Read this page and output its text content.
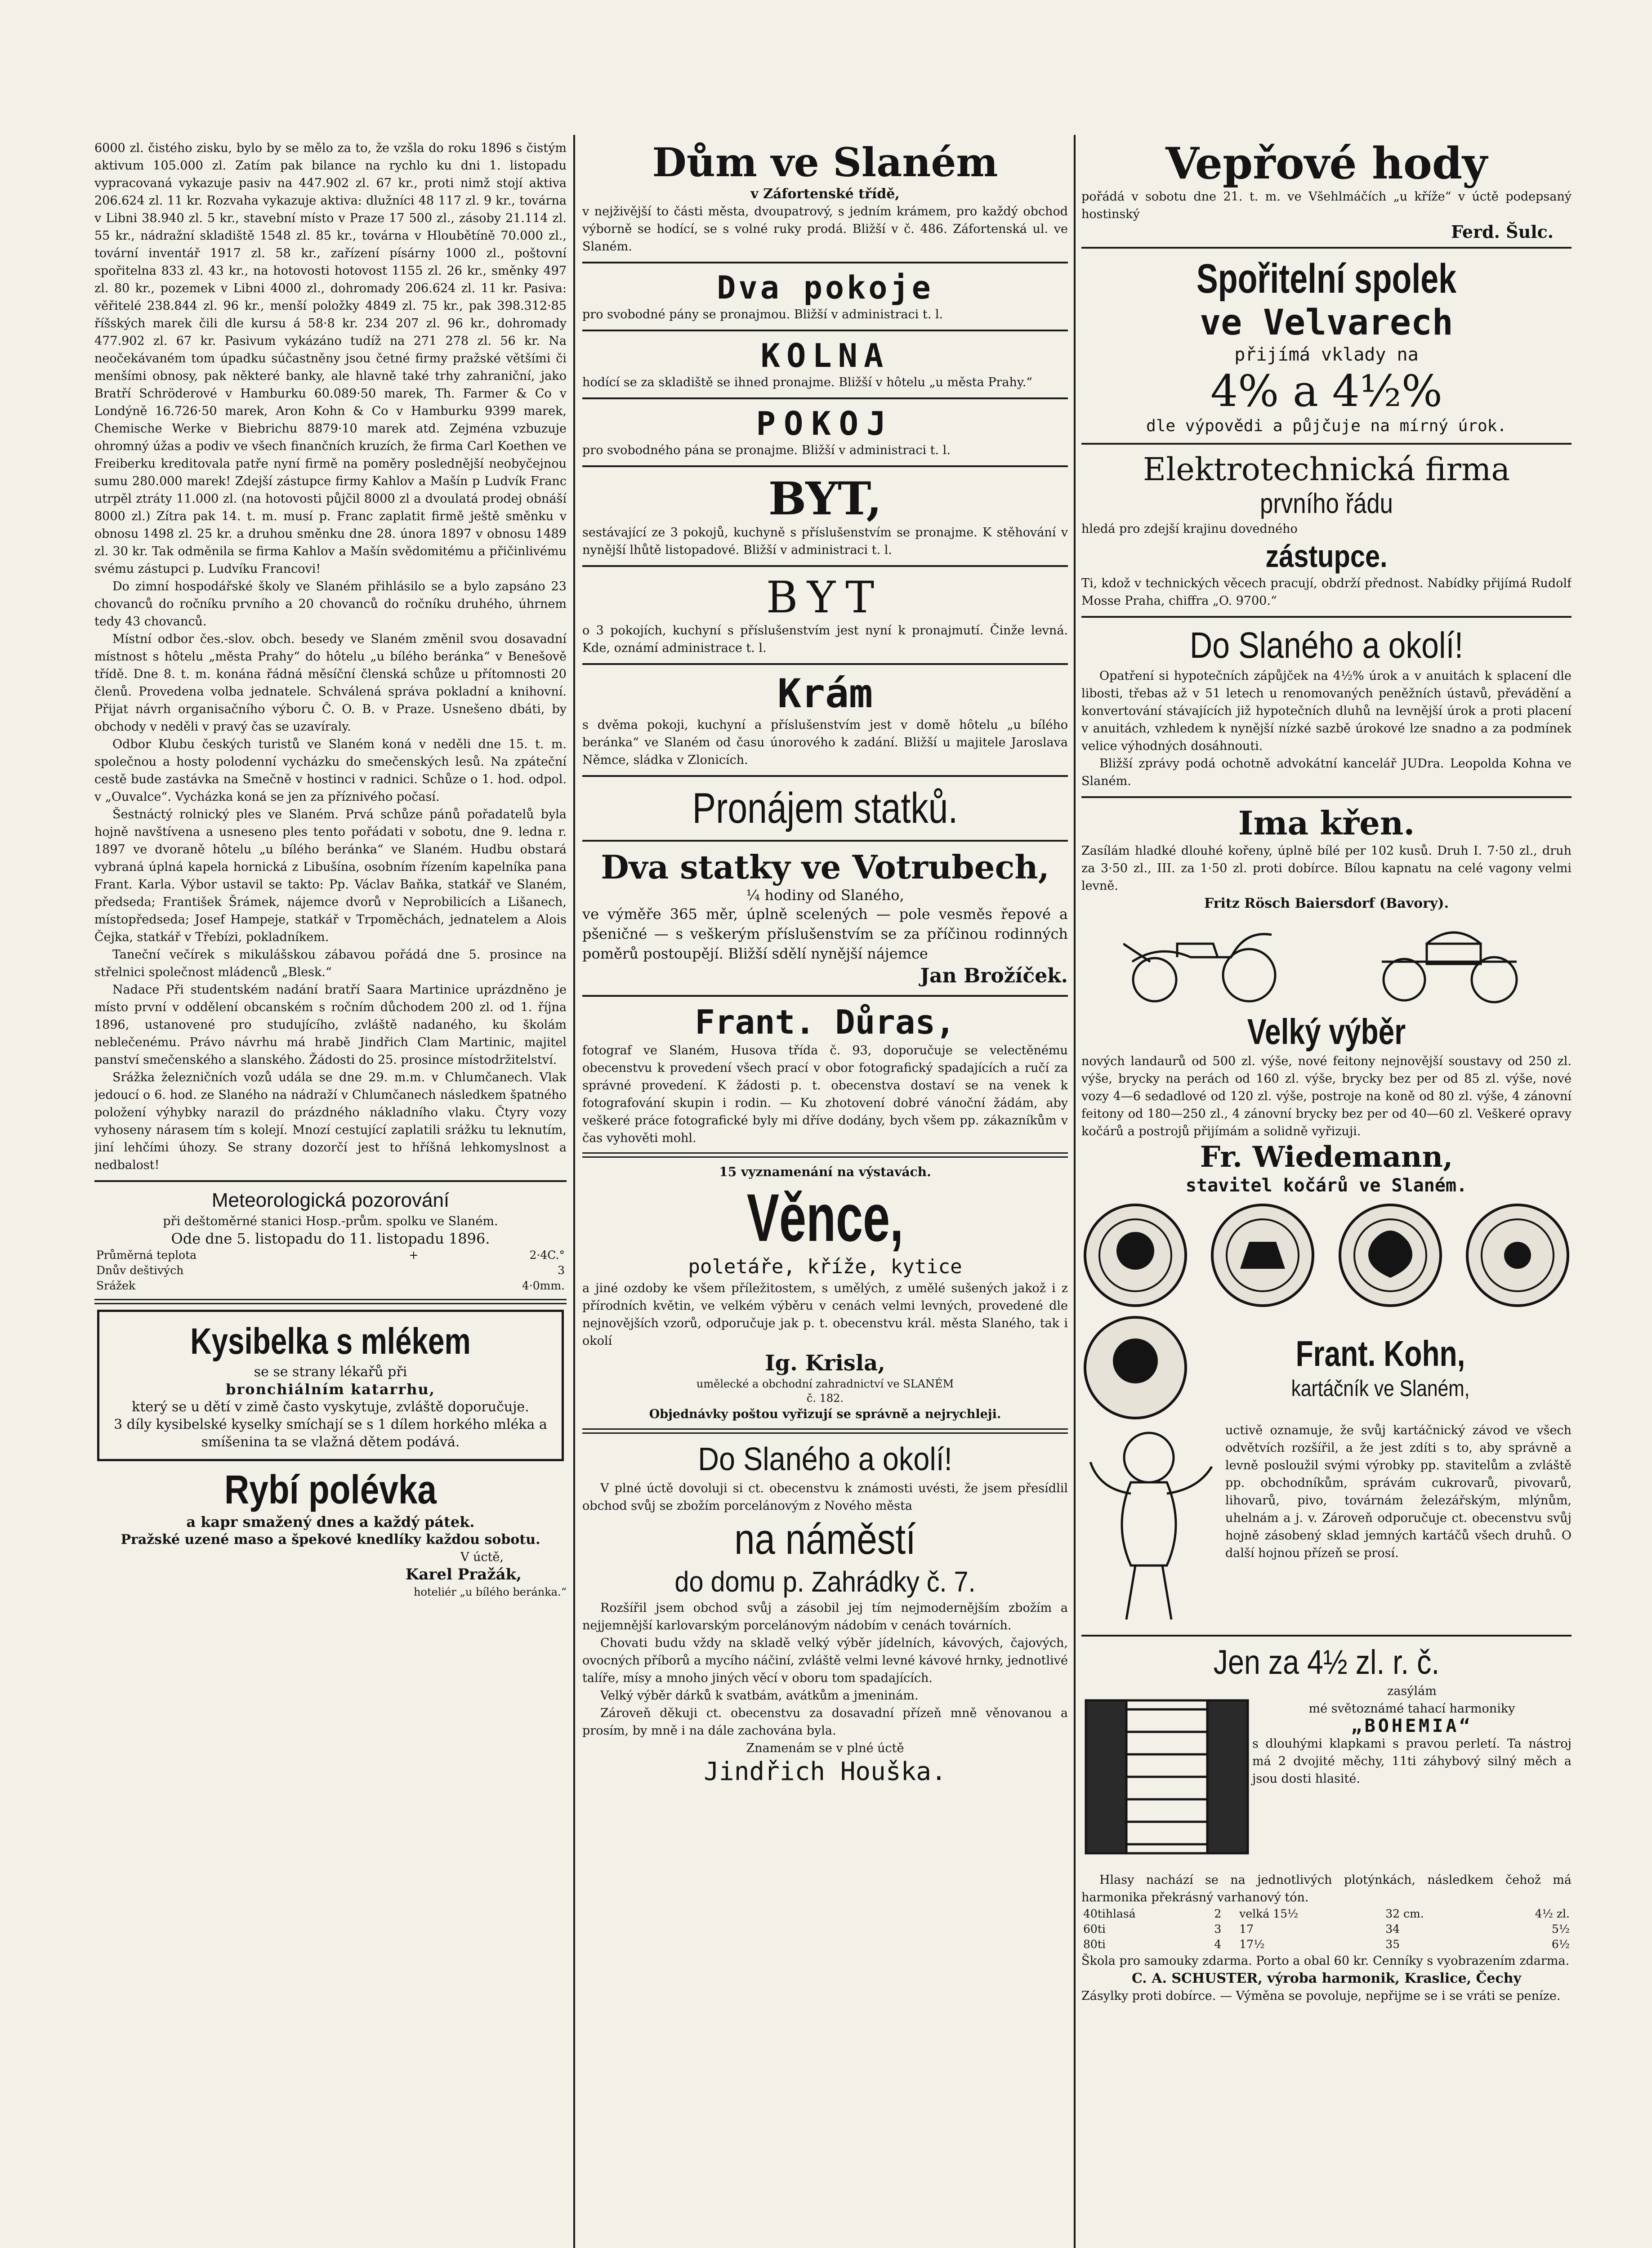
6000 zl. čistého zisku, bylo by se mělo za to, že vzšla do roku 1896 s čistým aktivum 105.000 zl. Zatím pak bilance na rychlo ku dni 1. listopadu vypracovaná vykazuje pasiv na 447.902 zl. 67 kr., proti nimž stojí aktiva 206.624 zl. 11 kr. Rozvaha vykazuje aktiva: dlužníci 48 117 zl. 9 kr., továrna v Libni 38.940 zl. 5 kr., stavební místo v Praze 17 500 zl., zásoby 21.114 zl. 55 kr., nádražní skladiště 1548 zl. 85 kr., továrna v Hloubětíně 70.000 zl., tovární inventář 1917 zl. 58 kr., zařízení písárny 1000 zl., poštovní spořitelna 833 zl. 43 kr., na hotovosti hotovost 1155 zl. 26 kr., směnky 497 zl. 80 kr., pozemek v Libni 4000 zl., dohromady 206.624 zl. 11 kr. Pasiva: věřitelé 238.844 zl. 96 kr., menší položky 4849 zl. 75 kr., pak 398.312·85 říšských marek čili dle kursu á 58·8 kr. 234 207 zl. 96 kr., dohromady 477.902 zl. 67 kr. Pasivum vykázáno tudíž na 271 278 zl. 56 kr. Na neočekávaném tom úpadku súčastněny jsou četné firmy pražské většími či menšími obnosy, pak některé banky, ale hlavně také trhy zahraniční, jako Bratří Schröderové v Hamburku 60.089·50 marek, Th. Farmer & Co v Londýně 16.726·50 marek, Aron Kohn & Co v Hamburku 9399 marek, Chemische Werke v Biebrichu 8879·10 marek atd. Zejména vzbuzuje ohromný úžas a podiv ve všech finančních kruzích, že firma Carl Koethen ve Freiberku kreditovala patře nyní firmě na poměry poslednější neobyčejnou sumu 280.000 marek! Zdejší zástupce firmy Kahlov a Mašín p Ludvík Franc utrpěl ztráty 11.000 zl. (na hotovosti půjčil 8000 zl a dvoulatá prodej obnáší 8000 zl.) Zítra pak 14. t. m. musí p. Franc zaplatit firmě ještě směnku v obnosu 1498 zl. 25 kr. a druhou směnku dne 28. února 1897 v obnosu 1489 zl. 30 kr. Tak odměnila se firma Kahlov a Mašín svědomitému a přičinlivému svému zástupci p. Ludvíku Francovi!

Do zimní hospodářské školy ve Slaném přihlásilo se a bylo zapsáno 23 chovanců do ročníku prvního a 20 chovanců do ročníku druhého, úhrnem tedy 43 chovanců.

Místní odbor čes.-slov. obch. besedy ve Slaném změnil svou dosavadní místnost s hôtelu „města Prahy“ do hôtelu „u bílého beránka“ v Benešově třídě. Dne 8. t. m. konána řádná měsíční členská schůze u přítomnosti 20 členů. Provedena volba jednatele. Schválená správa pokladní a knihovní. Přijat návrh organisačního výboru Č. O. B. v Praze. Usnešeno dbáti, by obchody v neděli v pravý čas se uzavíraly.

Odbor Klubu českých turistů ve Slaném koná v neděli dne 15. t. m. společnou a hosty polodenní vycházku do smečenských lesů. Na zpáteční cestě bude zastávka na Smečně v hostinci v radnici. Schůze o 1. hod. odpol. v „Ouvalce“. Vycházka koná se jen za příznivého počasí.

Šestnáctý rolnický ples ve Slaném. Prvá schůze pánů pořadatelů byla hojně navštívena a usneseno ples tento pořádati v sobotu, dne 9. ledna r. 1897 ve dvoraně hôtelu „u bílého beránka“ ve Slaném. Hudbu obstará vybraná úplná kapela hornická z Libušína, osobním řízením kapelníka pana Frant. Karla. Výbor ustavil se takto: Pp. Václav Baňka, statkář ve Slaném, předseda; František Šrámek, nájemce dvorů v Neprobilicích a Lišanech, místopředseda; Josef Hampeje, statkář v Trpoměchách, jednatelem a Alois Čejka, statkář v Třebízi, pokladníkem.

Taneční večírek s mikulášskou zábavou pořádá dne 5. prosince na střelnici společnost mládenců „Blesk.“

Nadace Při studentském nadání bratří Saara Martinice uprázdněno je místo první v oddělení obcanském s ročním důchodem 200 zl. od 1. října 1896, ustanovené pro studujícího, zvláště nadaného, ku školám neblečenému. Právo návrhu má hrabě Jindřich Clam Martinic, majitel panství smečenského a slanského. Žádosti do 25. prosince místodržitelství.

Srážka železničních vozů udála se dne 29. m.m. v Chlumčanech. Vlak jedoucí o 6. hod. ze Slaného na nádraží v Chlumčanech následkem špatného položení výhybky narazil do prázdného nákladního vlaku. Čtyry vozy vyhoseny nárasem tím s kolejí. Mnozí cestující zaplatili srážku tu leknutím, jiní lehčími úhozy. Se strany dozorčí jest to hříšná lehkomyslnost a nedbalost!

Meteorologická pozorování

při deštoměrné stanici Hosp.-prům. spolku ve Slaném.

Ode dne 5. listopadu do 11. listopadu 1896.

Průměrná teplota	+	2·4C.°
Dnův deštivých		3
Srážek		4·0mm.

Kysibelka s mlékem

se se strany lékařů při

bronchiálním katarrhu,

který se u dětí v zimě často vyskytuje, zvláště doporučuje.

3 díly kysibelské kyselky smíchají se s 1 dílem horkého mléka a smíšenina ta se vlažná dětem podává.

Rybí polévka

a kapr smažený dnes a každý pátek.

Pražské uzené maso a špekové knedlíky každou sobotu.

V úctě,

Karel Pražák,

hoteliér „u bílého beránka.“

Dům ve Slaném

v Záfortenské třídě,

v nejživější to části města, dvoupatrový, s jedním krámem, pro každý obchod výborně se hodící, se s volné ruky prodá. Bližší v č. 486. Záfortenská ul. ve Slaném.

Dva pokoje

pro svobodné pány se pronajmou. Bližší v administraci t. l.

KOLNA

hodící se za skladiště se ihned pronajme. Bližší v hôtelu „u města Prahy.“

POKOJ

pro svobodného pána se pronajme. Bližší v administraci t. l.

BYT,

sestávající ze 3 pokojů, kuchyně s příslušenstvím se pronajme. K stěhování v nynější lhůtě listopadové. Bližší v administraci t. l.

BYT

o 3 pokojích, kuchyní s příslušenstvím jest nyní k pronajmutí. Činže levná. Kde, oznámí administrace t. l.

Krám

s dvěma pokoji, kuchyní a příslušenstvím jest v domě hôtelu „u bílého beránka“ ve Slaném od času únorového k zadání. Bližší u majitele Jaroslava Němce, sládka v Zlonicích.

Pronájem statků.

Dva statky ve Votrubech,

¼ hodiny od Slaného,

ve výměře 365 měr, úplně scelených — pole vesměs řepové a pšeničné — s veškerým příslušenstvím se za příčinou rodinných poměrů postoupějí. Bližší sdělí nynější nájemce

Jan Brožíček.

Frant. Důras,

fotograf ve Slaném, Husova třída č. 93, doporučuje se velectěnému obecenstvu k provedení všech prací v obor fotografický spadajících a ručí za správné provedení. K žádosti p. t. obecenstva dostaví se na venek k fotografování skupin i rodin. — Ku zhotovení dobré vánoční žádám, aby veškeré práce fotografické byly mi dříve dodány, bych všem pp. zákazníkům v čas vyhověti mohl.

15 vyznamenání na výstavách.

Věnce,

poletáře, kříže, kytice

a jiné ozdoby ke všem příležitostem, s umělých, z umělé sušených jakož i z přírodních květin, ve velkém výběru v cenách velmi levných, provedené dle nejnovějších vzorů, odporučuje jak p. t. obecenstvu král. města Slaného, tak i okolí

Ig. Krisla,

umělecké a obchodní zahradnictví ve SLANÉM č. 182.

Objednávky poštou vyřizují se správně a nejrychleji.

Do Slaného a okolí!

V plné úctě dovoluji si ct. obecenstvu k známosti uvésti, že jsem přesídlil obchod svůj se zbožím porcelánovým z Nového města

na náměstí

do domu p. Zahrádky č. 7.

Rozšířil jsem obchod svůj a zásobil jej tím nejmodernějším zbožím a nejjemnější karlovarským porcelánovým nádobím v cenách továrních.

Chovati budu vždy na skladě velký výběr jídelních, kávových, čajových, ovocných příborů a mycího náčiní, zvláště velmi levné kávové hrnky, jednotlivé talíře, mísy a mnoho jiných věcí v oboru tom spadajících.

Velký výběr dárků k svatbám, avátkům a jmeninám.

Zároveň děkuji ct. obecenstvu za dosavadní přízeň mně věnovanou a prosím, by mně i na dále zachována byla.

Znamenám se v plné úctě

Jindřich Houška.

Vepřové hody

pořádá v sobotu dne 21. t. m. ve Všehlmáčích „u kříže“ v úctě podepsaný hostinský

Ferd. Šulc.

Spořitelní spolek

ve Velvarech

přijímá vklady na

4% a 4½%

dle výpovědi a půjčuje na mírný úrok.

Elektrotechnická firma

prvního řádu

hledá pro zdejší krajinu dovedného

zástupce.

Ti, kdož v technických věcech pracují, obdrží přednost. Nabídky přijímá Rudolf Mosse Praha, chiffra „O. 9700.“

Do Slaného a okolí!

Opatření si hypotečních zápůjček na 4½% úrok a v anuitách k splacení dle libosti, třebas až v 51 letech u renomovaných peněžních ústavů, převádění a konvertování stávajících již hypotečních dluhů na levnější úrok a proti placení v anuitách, vzhledem k nynější nízké sazbě úrokové lze snadno a za podmínek velice výhodných dosáhnouti.

Bližší zprávy podá ochotně advokátní kancelář JUDra. Leopolda Kohna ve Slaném.

Ima křen.

Zasílám hladké dlouhé kořeny, úplně bílé per 102 kusů. Druh I. 7·50 zl., druh za 3·50 zl., III. za 1·50 zl. proti dobírce. Bílou kapnatu na celé vagony velmi levně.

Fritz Rösch Baiersdorf (Bavory).

Velký výběr

nových landaurů od 500 zl. výše, nové feitony nejnovější soustavy od 250 zl. výše, brycky na perách od 160 zl. výše, brycky bez per od 85 zl. výše, nové vozy 4—6 sedadlové od 120 zl. výše, postroje na koně od 80 zl. výše, 4 zánovní feitony od 180—250 zl., 4 zánovní brycky bez per od 40—60 zl. Veškeré opravy kočárů a postrojů přijímám a solidně vyřizuji.

Fr. Wiedemann,

stavitel kočárů ve Slaném.

Frant. Kohn,

kartáčník ve Slaném,

uctivě oznamuje, že svůj kartáčnický závod ve všech odvětvích rozšířil, a že jest zdíti s to, aby správně a levně posloužil svými výrobky pp. stavitelům a zvláště pp. obchodníkům, správám cukrovarů, pivovarů, lihovarů, pivo, továrnám železářským, mlýnům, uhelnám a j. v. Zároveň odporučuje ct. obecenstvu svůj hojně zásobený sklad jemných kartáčů všech druhů. O další hojnou přízeň se prosí.

Jen za 4½ zl. r. č.

zasýlám

mé světoznámé tahací harmoniky

„BOHEMIA“

s dlouhými klapkami s pravou perletí. Ta nástroj má 2 dvojité měchy, 11ti záhybový silný měch a jsou dosti hlasité.

Hlasy nachází se na jednotlivých plotýnkách, následkem čehož má harmonika překrásný varhanový tón.

40tihlasá	2	velká 15½	32 cm.	4½ zl.
60ti	3	17	34	5½
80ti	4	17½	35	6½

Škola pro samouky zdarma. Porto a obal 60 kr. Cenníky s vyobrazením zdarma.

C. A. SCHUSTER, výroba harmonik, Kraslice, Čechy

Zásylky proti dobírce. — Výměna se povoluje, nepřijme se i se vráti se peníze.
